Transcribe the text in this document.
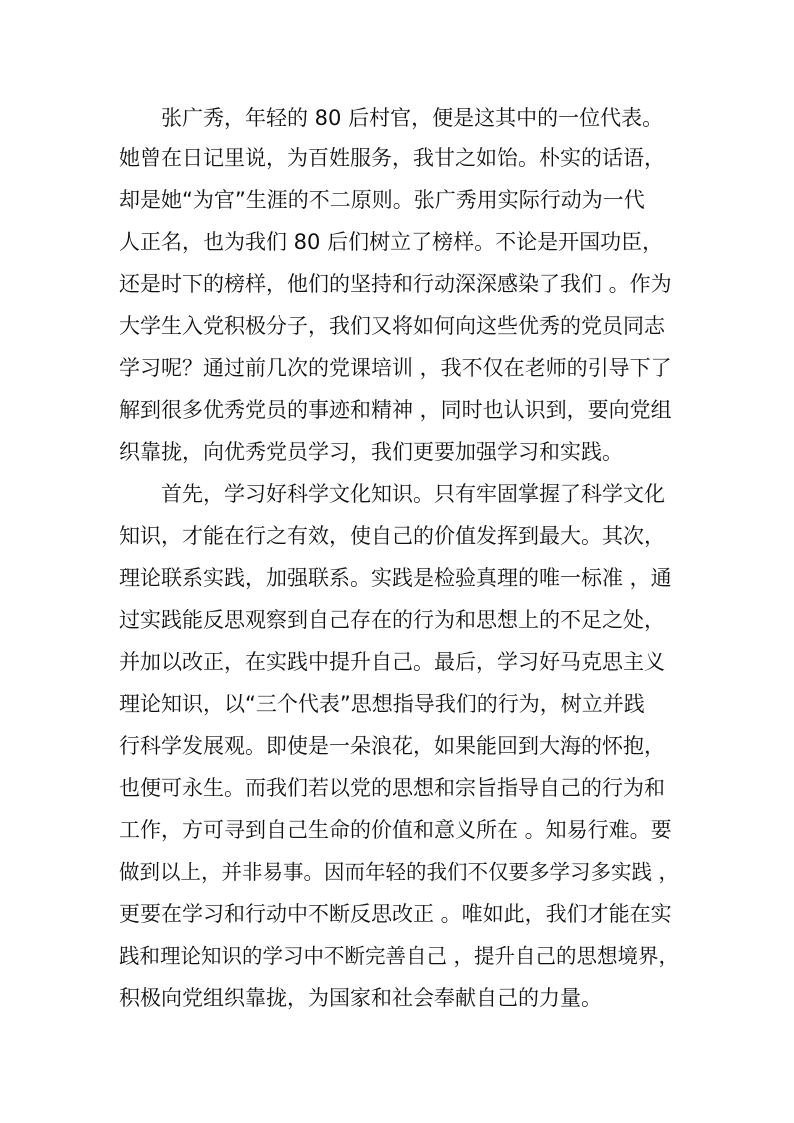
张广秀，年轻的 80 后村官，便是这其中的一位代表。
她曾在日记里说，为百姓服务，我甘之如饴。朴实的话语，
却是她“为官”生涯的不二原则。张广秀用实际行动为一代
人正名，也为我们 80 后们树立了榜样。不论是开国功臣，
还是时下的榜样，他们的坚持和行动深深感染了我们 。作为
大学生入党积极分子，我们又将如何向这些优秀的党员同志
学习呢？通过前几次的党课培训 ，我不仅在老师的引导下了
解到很多优秀党员的事迹和精神 ，同时也认识到，要向党组
织靠拢，向优秀党员学习，我们更要加强学习和实践。
首先，学习好科学文化知识。只有牢固掌握了科学文化
知识，才能在行之有效，使自己的价值发挥到最大。其次，
理论联系实践，加强联系。实践是检验真理的唯一标准 ，通
过实践能反思观察到自己存在的行为和思想上的不足之处，
并加以改正，在实践中提升自己。最后，学习好马克思主义
理论知识，以“三个代表”思想指导我们的行为，树立并践
行科学发展观。即使是一朵浪花，如果能回到大海的怀抱，
也便可永生。而我们若以党的思想和宗旨指导自己的行为和
工作，方可寻到自己生命的价值和意义所在 。知易行难。要
做到以上，并非易事。因而年轻的我们不仅要多学习多实践 ，
更要在学习和行动中不断反思改正 。唯如此，我们才能在实
践和理论知识的学习中不断完善自己 ，提升自己的思想境界，
积极向党组织靠拢，为国家和社会奉献自己的力量。
